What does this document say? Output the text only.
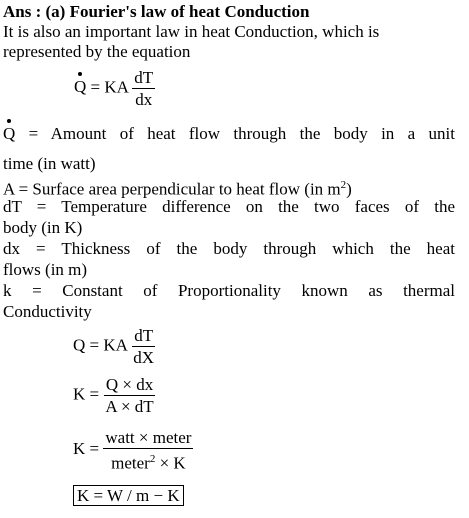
Ans : (a) Fourier's law of heat Conduction
It is also an important law in heat Conduction, which is
represented by the equation
Q = KA $\frac{dT}{dx}$
Q = Amount of heat flow through the body in a unit
time (in watt)
A = Surface area perpendicular to heat flow (in $m^2$)
dT = Temperature difference on the two faces of the
body (in K)
dx = Thickness of the body through which the heat
flows (in m)
k = Constant of Proportionality known as thermal
Conductivity
Q = KA $\frac{dT}{dX}$
$K = \frac{Q \times dx}{A \times dT}$
$K = \frac{\text{watt × meter}}{meter^2 \times K}$
K = W / m − K
